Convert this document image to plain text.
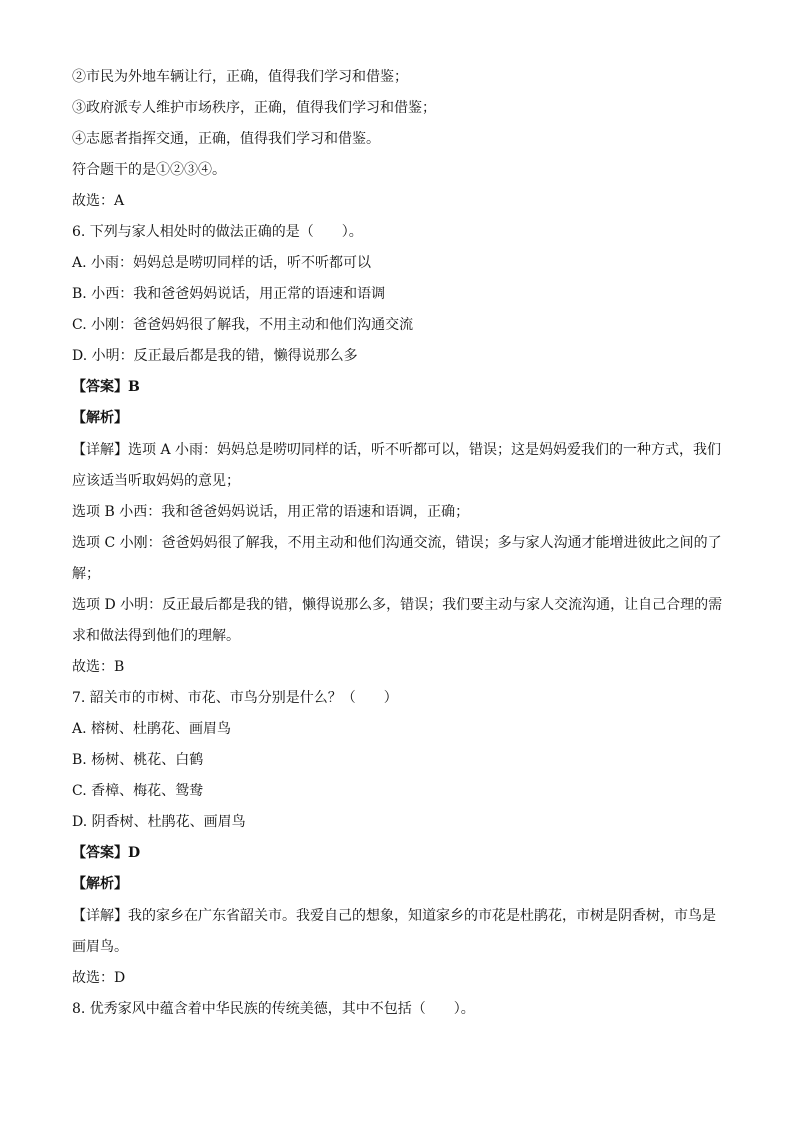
②市民为外地车辆让行，正确，值得我们学习和借鉴；
③政府派专人维护市场秩序，正确，值得我们学习和借鉴；
④志愿者指挥交通，正确，值得我们学习和借鉴。
符合题干的是①②③④。
故选：A
6. 下列与家人相处时的做法正确的是（　　）。
A. 小雨：妈妈总是唠叨同样的话，听不听都可以
B. 小西：我和爸爸妈妈说话，用正常的语速和语调
C. 小刚：爸爸妈妈很了解我，不用主动和他们沟通交流
D. 小明：反正最后都是我的错，懒得说那么多
【答案】B
【解析】
【详解】选项 A 小雨：妈妈总是唠叨同样的话，听不听都可以，错误；这是妈妈爱我们的一种方式，我们
应该适当听取妈妈的意见；
选项 B 小西：我和爸爸妈妈说话，用正常的语速和语调，正确；
选项 C 小刚：爸爸妈妈很了解我，不用主动和他们沟通交流，错误；多与家人沟通才能增进彼此之间的了
解；
选项 D 小明：反正最后都是我的错，懒得说那么多，错误；我们要主动与家人交流沟通，让自己合理的需
求和做法得到他们的理解。
故选：B
7. 韶关市的市树、市花、市鸟分别是什么？（　　）
A. 榕树、杜鹃花、画眉鸟
B. 杨树、桃花、白鹤
C. 香樟、梅花、鸳鸯
D. 阴香树、杜鹃花、画眉鸟
【答案】D
【解析】
【详解】我的家乡在广东省韶关市。我爱自己的想象，知道家乡的市花是杜鹃花，市树是阴香树，市鸟是
画眉鸟。
故选：D
8. 优秀家风中蕴含着中华民族的传统美德，其中不包括（　　）。
